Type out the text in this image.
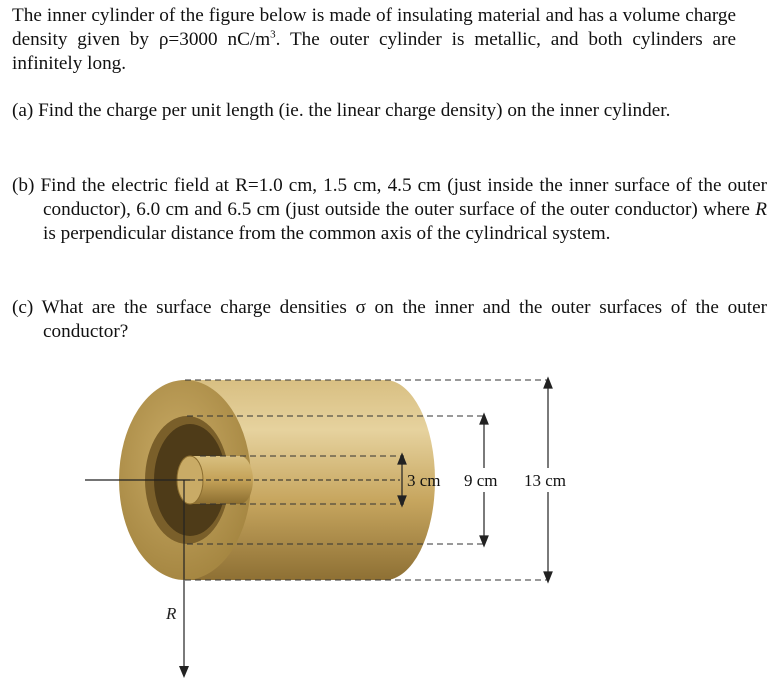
The inner cylinder of the figure below is made of insulating material and has a volume charge density given by ρ=3000 $nC/m^3$. The outer cylinder is metallic, and both cylinders are infinitely long.
(a) Find the charge per unit length (ie. the linear charge density) on the inner cylinder.
(b) Find the electric field at R=1.0 cm, 1.5 cm, 4.5 cm (just inside the inner surface of the outer conductor), 6.0 cm and 6.5 cm (just outside the outer surface of the outer conductor) where R is perpendicular distance from the common axis of the cylindrical system.
(c) What are the surface charge densities σ on the inner and the outer surfaces of the outer conductor?
3 cm 9 cm 13 cm
R
